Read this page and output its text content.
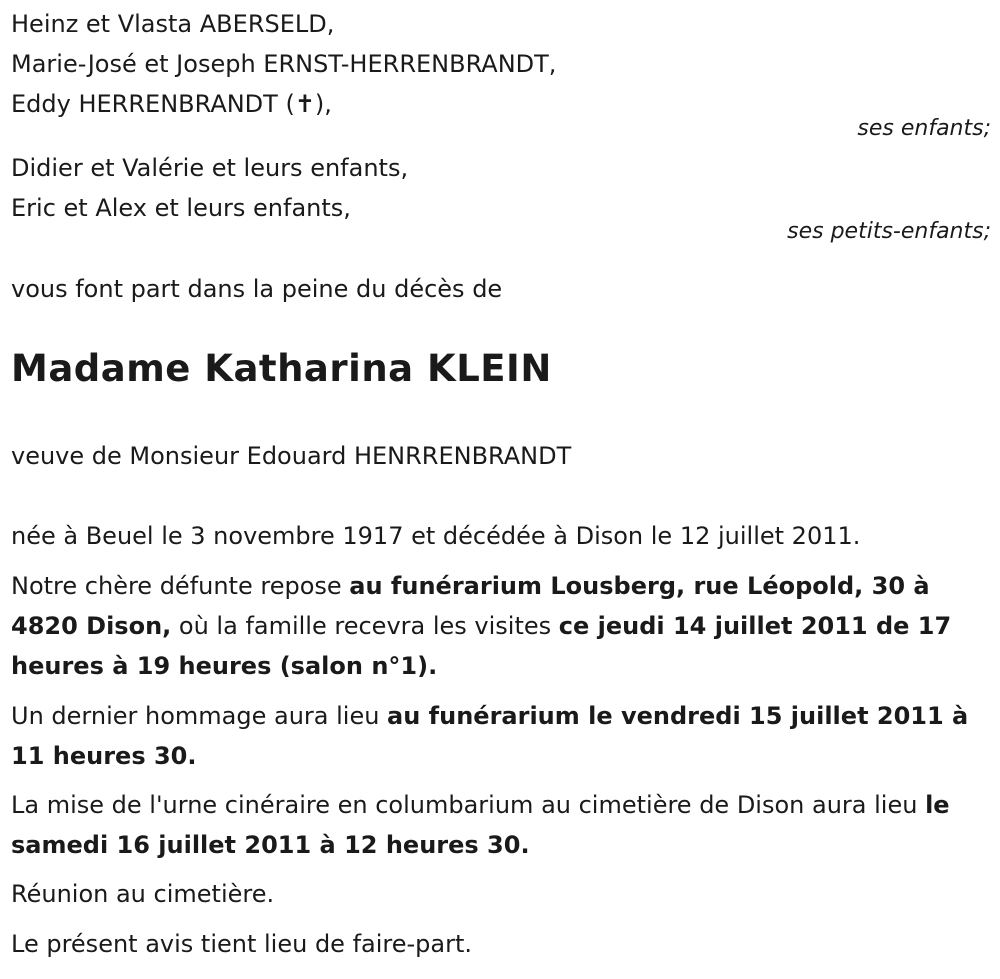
Heinz et Vlasta ABERSELD,
Marie-José et Joseph ERNST-HERRENBRANDT,
Eddy HERRENBRANDT (✝),
ses enfants;
Didier et Valérie et leurs enfants,
Eric et Alex et leurs enfants,
ses petits-enfants;
vous font part dans la peine du décès de
Madame Katharina KLEIN
veuve de Monsieur Edouard HENRRENBRANDT
née à Beuel le 3 novembre 1917 et décédée à Dison le 12 juillet 2011.
Notre chère défunte repose au funérarium Lousberg, rue Léopold, 30 à 4820 Dison, où la famille recevra les visites ce jeudi 14 juillet 2011 de 17 heures à 19 heures (salon n°1).
Un dernier hommage aura lieu au funérarium le vendredi 15 juillet 2011 à 11 heures 30.
La mise de l'urne cinéraire en columbarium au cimetière de Dison aura lieu le samedi 16 juillet 2011 à 12 heures 30.
Réunion au cimetière.
Le présent avis tient lieu de faire-part.
